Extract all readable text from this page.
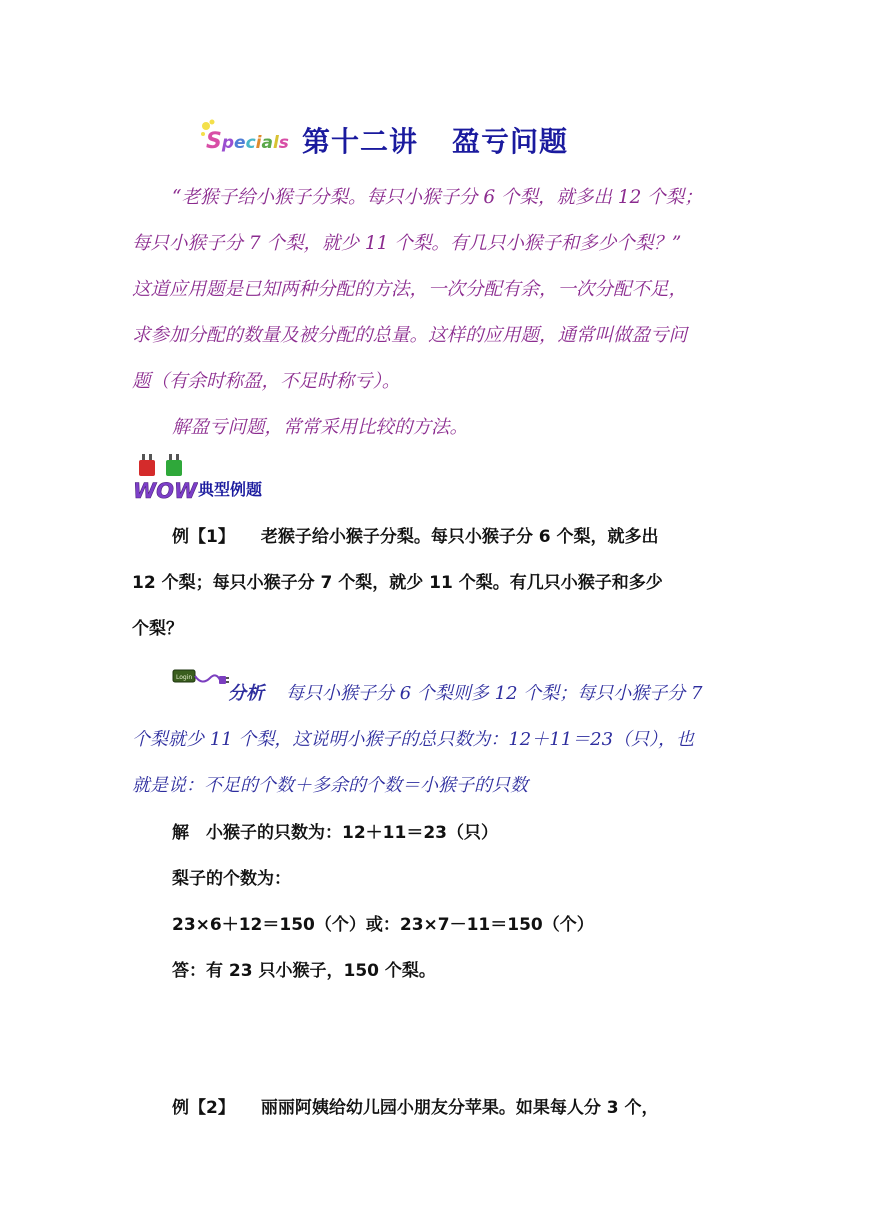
Specials 第十二讲 盈亏问题

“老猴子给小猴子分梨。每只小猴子分 6 个梨，就多出 12 个梨；

每只小猴子分 7 个梨，就少 11 个梨。有几只小猴子和多少个梨？”

这道应用题是已知两种分配的方法，一次分配有余，一次分配不足，

求参加分配的数量及被分配的总量。这样的应用题，通常叫做盈亏问

题（有余时称盈，不足时称亏）。

解盈亏问题，常常采用比较的方法。

WOW 典型例题
例【1】 老猴子给小猴子分梨。每只小猴子分 6 个梨，就多出
12 个梨；每只小猴子分 7 个梨，就少 11 个梨。有几只小猴子和多少
个梨？
Login
分析 每只小猴子分 6 个梨则多 12 个梨；每只小猴子分 7
个梨就少 11 个梨，这说明小猴子的总只数为：12＋11＝23（只），也
就是说：不足的个数＋多余的个数＝小猴子的只数
解　小猴子的只数为：12＋11＝23（只）
梨子的个数为：
23×6＋12＝150（个）或：23×7－11＝150（个）
答：有 23 只小猴子，150 个梨。
例【2】 丽丽阿姨给幼儿园小朋友分苹果。如果每人分 3 个，
